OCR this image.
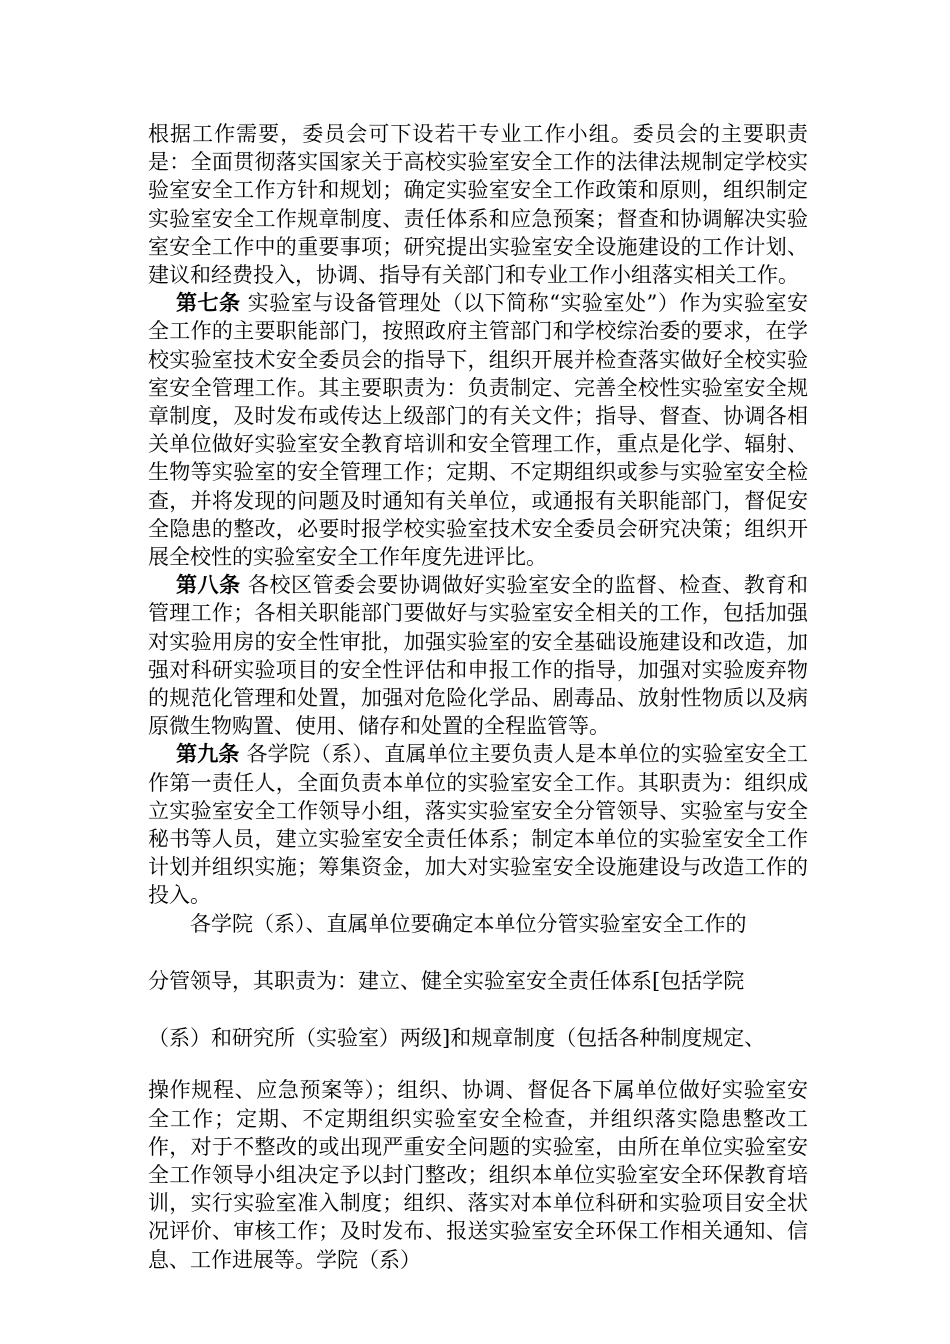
根据工作需要，委员会可下设若干专业工作小组。委员会的主要职责是：全面贯彻落实国家关于高校实验室安全工作的法律法规制定学校实验室安全工作方针和规划；确定实验室安全工作政策和原则，组织制定实验室安全工作规章制度、责任体系和应急预案；督查和协调解决实验室安全工作中的重要事项；研究提出实验室安全设施建设的工作计划、建议和经费投入，协调、指导有关部门和专业工作小组落实相关工作。

第七条 实验室与设备管理处（以下简称“实验室处”）作为实验室安全工作的主要职能部门，按照政府主管部门和学校综治委的要求，在学校实验室技术安全委员会的指导下，组织开展并检查落实做好全校实验室安全管理工作。其主要职责为：负责制定、完善全校性实验室安全规章制度，及时发布或传达上级部门的有关文件；指导、督查、协调各相关单位做好实验室安全教育培训和安全管理工作，重点是化学、辐射、生物等实验室的安全管理工作；定期、不定期组织或参与实验室安全检查，并将发现的问题及时通知有关单位，或通报有关职能部门，督促安全隐患的整改，必要时报学校实验室技术安全委员会研究决策；组织开展全校性的实验室安全工作年度先进评比。

第八条 各校区管委会要协调做好实验室安全的监督、检查、教育和管理工作；各相关职能部门要做好与实验室安全相关的工作，包括加强对实验用房的安全性审批，加强实验室的安全基础设施建设和改造，加强对科研实验项目的安全性评估和申报工作的指导，加强对实验废弃物的规范化管理和处置，加强对危险化学品、剧毒品、放射性物质以及病原微生物购置、使用、储存和处置的全程监管等。

第九条 各学院（系）、直属单位主要负责人是本单位的实验室安全工作第一责任人，全面负责本单位的实验室安全工作。其职责为：组织成立实验室安全工作领导小组，落实实验室安全分管领导、实验室与安全秘书等人员，建立实验室安全责任体系；制定本单位的实验室安全工作计划并组织实施；筹集资金，加大对实验室安全设施建设与改造工作的投入。

各学院（系）、直属单位要确定本单位分管实验室安全工作的

分管领导，其职责为：建立、健全实验室安全责任体系[包括学院

（系）和研究所（实验室）两级]和规章制度（包括各种制度规定、

操作规程、应急预案等）；组织、协调、督促各下属单位做好实验室安全工作；定期、不定期组织实验室安全检查，并组织落实隐患整改工作，对于不整改的或出现严重安全问题的实验室，由所在单位实验室安全工作领导小组决定予以封门整改；组织本单位实验室安全环保教育培训，实行实验室准入制度；组织、落实对本单位科研和实验项目安全状况评价、审核工作；及时发布、报送实验室安全环保工作相关通知、信息、工作进展等。学院（系）
